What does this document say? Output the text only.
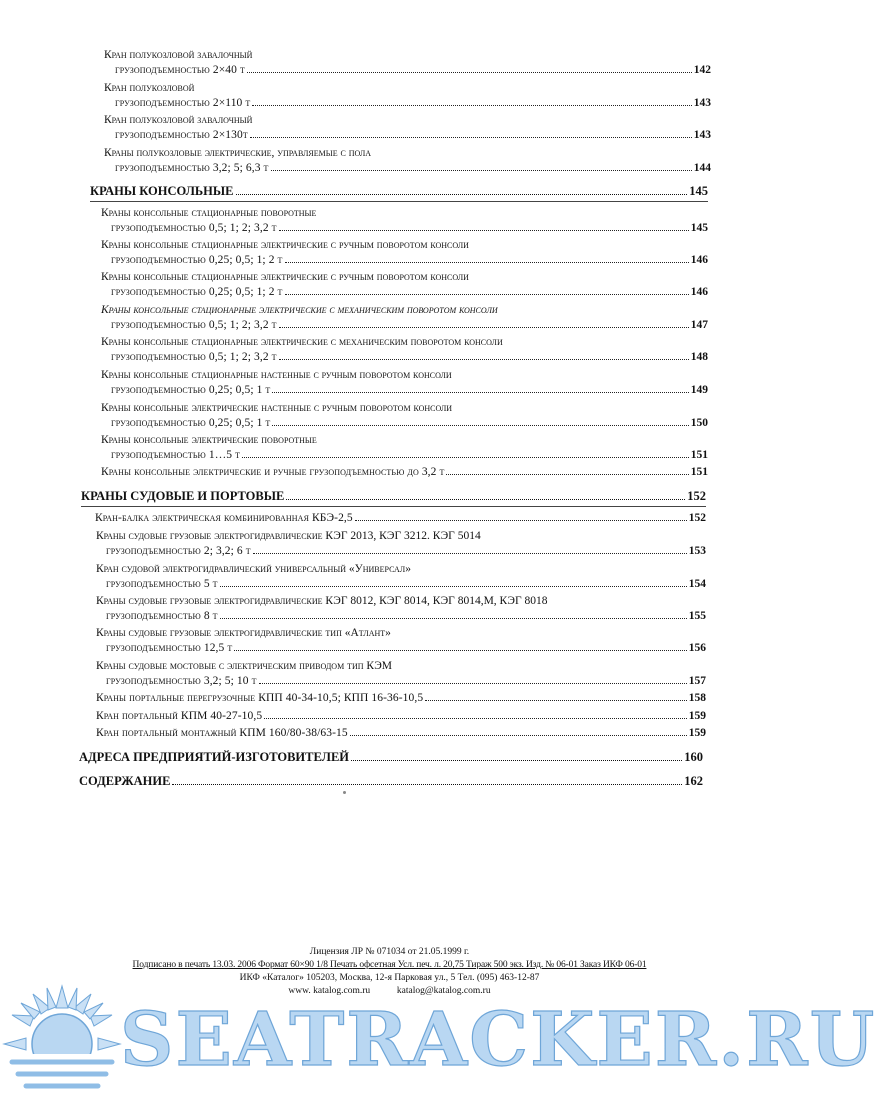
Кран полукозловой завалочный
грузоподъемностью 2×40 т	142
Кран полукозловой
грузоподъемностью 2×110 т	143
Кран полукозловой завалочный
грузоподъемностью 2×130т	143
Краны полукозловые электрические, управляемые с пола
грузоподъемностью 3,2; 5; 6,3 т	144
КРАНЫ КОНСОЛЬНЫЕ	145
Краны консольные стационарные поворотные
грузоподъемностью 0,5; 1; 2; 3,2 т	145
Краны консольные стационарные электрические с ручным поворотом консоли
грузоподъемностью 0,25; 0,5; 1; 2 т	146
Краны консольные стационарные электрические с ручным поворотом консоли
грузоподъемностью 0,25; 0,5; 1; 2 т	146
Краны консольные стационарные электрические с механическим поворотом консоли
грузоподъемностью 0,5; 1; 2; 3,2 т	147
Краны консольные стационарные электрические с механическим поворотом консоли
грузоподъемностью 0,5; 1; 2; 3,2 т	148
Краны консольные стационарные настенные с ручным поворотом консоли
грузоподъемностью 0,25; 0,5; 1 т	149
Краны консольные электрические настенные с ручным поворотом консоли
грузоподъемностью 0,25; 0,5; 1 т	150
Краны консольные электрические поворотные
грузоподъемностью 1…5 т	151
Краны консольные электрические и ручные грузоподъемностью до 3,2 т	151
КРАНЫ СУДОВЫЕ И ПОРТОВЫЕ	152
Кран-балка электрическая комбинированная КБЭ-2,5	152
Краны судовые грузовые электрогидравлические КЭГ 2013, КЭГ 3212. КЭГ 5014
грузоподъемностью 2; 3,2; 6 т	153
Кран судовой электрогидравлический универсальный «Универсал»
грузоподъемностью 5 т	154
Краны судовые грузовые электрогидравлические КЭГ 8012, КЭГ 8014, КЭГ 8014,М, КЭГ 8018
грузоподъемностью 8 т	155
Краны судовые грузовые электрогидравлические тип «Атлант»
грузоподъемностью 12,5 т	156
Краны судовые мостовые с электрическим приводом тип КЭМ
грузоподъемностью 3,2; 5; 10 т	157
Краны портальные перегрузочные КПП 40-34-10,5; КПП 16-36-10,5	158
Кран портальный КПМ 40-27-10,5	159
Кран портальный монтажный КПМ 160/80-38/63-15	159
АДРЕСА ПРЕДПРИЯТИЙ-ИЗГОТОВИТЕЛЕЙ	160
СОДЕРЖАНИЕ	162
Лицензия ЛР № 071034 от 21.05.1999 г.
Подписано в печать 13.03. 2006 Формат 60×90 1/8 Печать офсетная Усл. печ. л. 20,75 Тираж 500 экз. Изд. № 06-01 Заказ ИКФ 06-01
ИКФ «Каталог» 105203, Москва, 12-я Парковая ул., 5 Тел. (095) 463-12-87
www. katalog.com.ru	katalog@katalog.com.ru
SEATRACKER.RU
